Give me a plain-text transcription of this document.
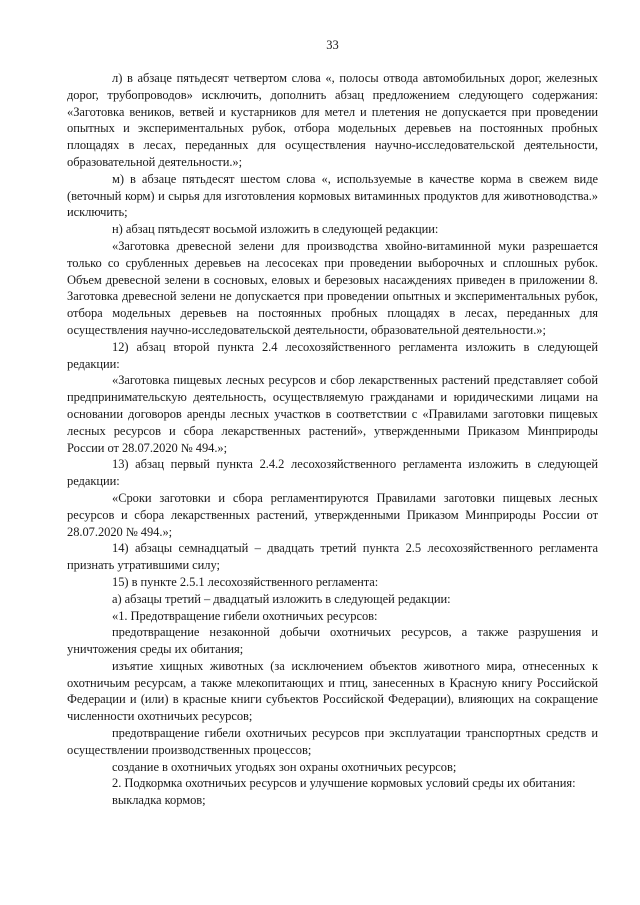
33

л) в абзаце пятьдесят четвертом слова «, полосы отвода автомобильных дорог, железных дорог, трубопроводов» исключить, дополнить абзац предложением следующего содержания: «Заготовка веников, ветвей и кустарников для метел и плетения не допускается при проведении опытных и экспериментальных рубок, отбора модельных деревьев на постоянных пробных площадях в лесах, переданных для осуществления научно-исследовательской деятельности, образовательной деятельности.»;

м) в абзаце пятьдесят шестом слова «, используемые в качестве корма в свежем виде (веточный корм) и сырья для изготовления кормовых витаминных продуктов для животноводства.» исключить;

н) абзац пятьдесят восьмой изложить в следующей редакции:

«Заготовка древесной зелени для производства хвойно-витаминной муки разрешается только со срубленных деревьев на лесосеках при проведении выборочных и сплошных рубок. Объем древесной зелени в сосновых, еловых и березовых насаждениях приведен в приложении 8. Заготовка древесной зелени не допускается при проведении опытных и экспериментальных рубок, отбора модельных деревьев на постоянных пробных площадях в лесах, переданных для осуществления научно-исследовательской деятельности, образовательной деятельности.»;

12) абзац второй пункта 2.4 лесохозяйственного регламента изложить в следующей редакции:

«Заготовка пищевых лесных ресурсов и сбор лекарственных растений представляет собой предпринимательскую деятельность, осуществляемую гражданами и юридическими лицами на основании договоров аренды лесных участков в соответствии с «Правилами заготовки пищевых лесных ресурсов и сбора лекарственных растений», утвержденными Приказом Минприроды России от 28.07.2020 № 494.»;

13) абзац первый пункта 2.4.2 лесохозяйственного регламента изложить в следующей редакции:

«Сроки заготовки и сбора регламентируются Правилами заготовки пищевых лесных ресурсов и сбора лекарственных растений, утвержденными Приказом Минприроды России от 28.07.2020 № 494.»;

14) абзацы семнадцатый – двадцать третий пункта 2.5 лесохозяйственного регламента признать утратившими силу;

15) в пункте 2.5.1 лесохозяйственного регламента:

а) абзацы третий – двадцатый изложить в следующей редакции:

«1. Предотвращение гибели охотничьих ресурсов:

предотвращение незаконной добычи охотничьих ресурсов, а также разрушения и уничтожения среды их обитания;

изъятие хищных животных (за исключением объектов животного мира, отнесенных к охотничьим ресурсам, а также млекопитающих и птиц, занесенных в Красную книгу Российской Федерации и (или) в красные книги субъектов Российской Федерации), влияющих на сокращение численности охотничьих ресурсов;

предотвращение гибели охотничьих ресурсов при эксплуатации транспортных средств и осуществлении производственных процессов;

создание в охотничьих угодьях зон охраны охотничьих ресурсов;

2. Подкормка охотничьих ресурсов и улучшение кормовых условий среды их обитания:

выкладка кормов;
